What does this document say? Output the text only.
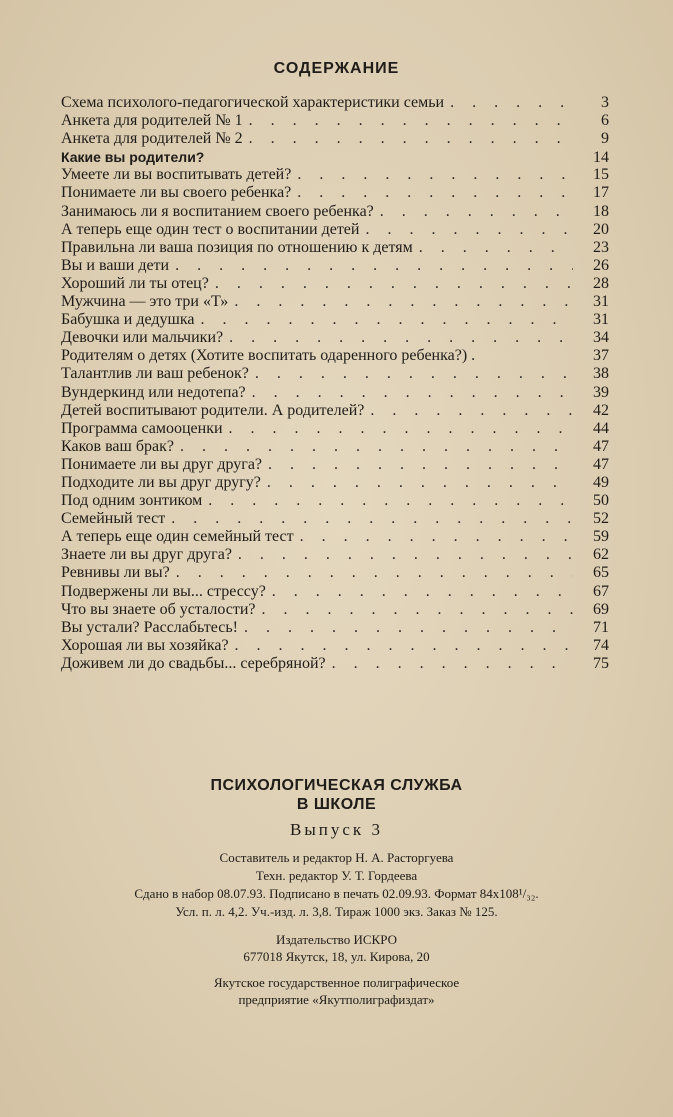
СОДЕРЖАНИЕ
Схема психолого-педагогической характеристики семьи . . .	3
Анкета для родителей № 1 . . .	6
Анкета для родителей № 2 . . .	9
Какие вы родители?	14
Умеете ли вы воспитывать детей? . . .	15
Понимаете ли вы своего ребенка? . . .	17
Занимаюсь ли я воспитанием своего ребенка? . . .	18
А теперь еще один тест о воспитании детей . . .	20
Правильна ли ваша позиция по отношению к детям . . .	23
Вы и ваши дети . . .	26
Хороший ли ты отец? . . .	28
Мужчина — это три «Т» . . .	31
Бабушка и дедушка . . .	31
Девочки или мальчики? . . .	34
Родителям о детях (Хотите воспитать одаренного ребенка?) .	37
Талантлив ли ваш ребенок? . . .	38
Вундеркинд или недотепа? . . .	39
Детей воспитывают родители. А родителей? . . .	42
Программа самооценки . . .	44
Каков ваш брак? . . .	47
Понимаете ли вы друг друга? . . .	47
Подходите ли вы друг другу? . . .	49
Под одним зонтиком . . .	50
Семейный тест . . .	52
А теперь еще один семейный тест . . .	59
Знаете ли вы друг друга? . . .	62
Ревнивы ли вы? . . .	65
Подвержены ли вы... стрессу? . . .	67
Что вы знаете об усталости? . . .	69
Вы устали? Расслабьтесь! . . .	71
Хорошая ли вы хозяйка? . . .	74
Доживем ли до свадьбы... серебряной? . . .	75
ПСИХОЛОГИЧЕСКАЯ СЛУЖБА
В ШКОЛЕ
Выпуск 3
Составитель и редактор Н. А. Расторгуева
Техн. редактор У. Т. Гордеева
Сдано в набор 08.07.93. Подписано в печать 02.09.93. Формат 84х108¹/₃₂.
Усл. п. л. 4,2. Уч.-изд. л. 3,8. Тираж 1000 экз. Заказ № 125.
Издательство ИСКРО
677018 Якутск, 18, ул. Кирова, 20
Якутское государственное полиграфическое
предприятие «Якутполиграфиздат»
